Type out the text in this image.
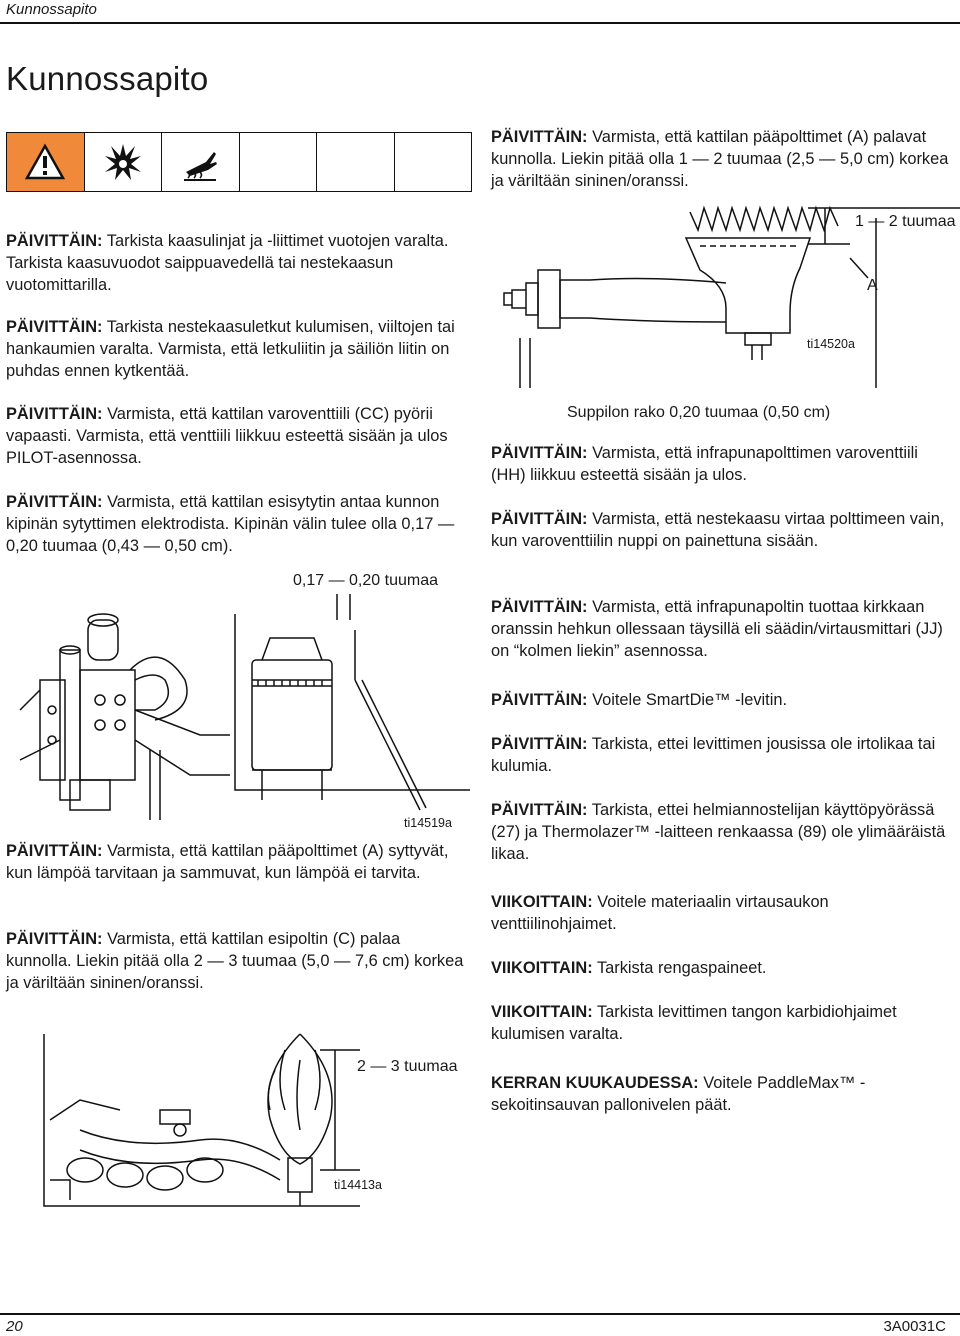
Kunnossapito
Kunnossapito
PÄIVITTÄIN: Tarkista kaasulinjat ja -liittimet vuotojen varalta. Tarkista kaasuvuodot saippuavedellä tai nestekaasun vuotomittarilla.
PÄIVITTÄIN: Tarkista nestekaasuletkut kulumisen, viiltojen tai hankaumien varalta. Varmista, että letkuliitin ja säiliön liitin on puhdas ennen kytkentää.
PÄIVITTÄIN: Varmista, että kattilan varoventtiili (CC) pyörii vapaasti. Varmista, että venttiili liikkuu esteettä sisään ja ulos PILOT-asennossa.
PÄIVITTÄIN: Varmista, että kattilan esisytytin antaa kunnon kipinän sytyttimen elektrodista. Kipinän välin tulee olla 0,17 — 0,20 tuumaa (0,43 — 0,50 cm).
0,17 — 0,20 tuumaa
ti14519a
PÄIVITTÄIN: Varmista, että kattilan pääpolttimet (A) syttyvät, kun lämpöä tarvitaan ja sammuvat, kun lämpöä ei tarvita.
PÄIVITTÄIN: Varmista, että kattilan esipoltin (C) palaa kunnolla. Liekin pitää olla 2 — 3 tuumaa (5,0 — 7,6 cm) korkea ja väriltään sininen/oranssi.
2 — 3 tuumaa
ti14413a
PÄIVITTÄIN: Varmista, että kattilan pääpolttimet (A) palavat kunnolla. Liekin pitää olla 1 — 2 tuumaa (2,5 — 5,0 cm) korkea ja väriltään sininen/oranssi.
1 — 2 tuumaa
A
ti14520a
Suppilon rako 0,20 tuumaa (0,50 cm)
PÄIVITTÄIN: Varmista, että infrapunapolttimen varoventtiili (HH) liikkuu esteettä sisään ja ulos.
PÄIVITTÄIN: Varmista, että nestekaasu virtaa polttimeen vain, kun varoventtiilin nuppi on painettuna sisään.
PÄIVITTÄIN: Varmista, että infrapunapoltin tuottaa kirkkaan oranssin hehkun ollessaan täysillä eli säädin/virtausmittari (JJ) on “kolmen liekin” asennossa.
PÄIVITTÄIN: Voitele SmartDie™ -levitin.
PÄIVITTÄIN: Tarkista, ettei levittimen jousissa ole irtolikaa tai kulumia.
PÄIVITTÄIN: Tarkista, ettei helmiannostelijan käyttöpyörässä (27) ja Thermolazer™ -laitteen renkaassa (89) ole ylimääräistä likaa.
VIIKOITTAIN: Voitele materiaalin virtausaukon venttiilinohjaimet.
VIIKOITTAIN: Tarkista rengaspaineet.
VIIKOITTAIN: Tarkista levittimen tangon karbidiohjaimet kulumisen varalta.
KERRAN KUUKAUDESSA: Voitele PaddleMax™ -sekoitinsauvan pallonivelen päät.
20	3A0031C
